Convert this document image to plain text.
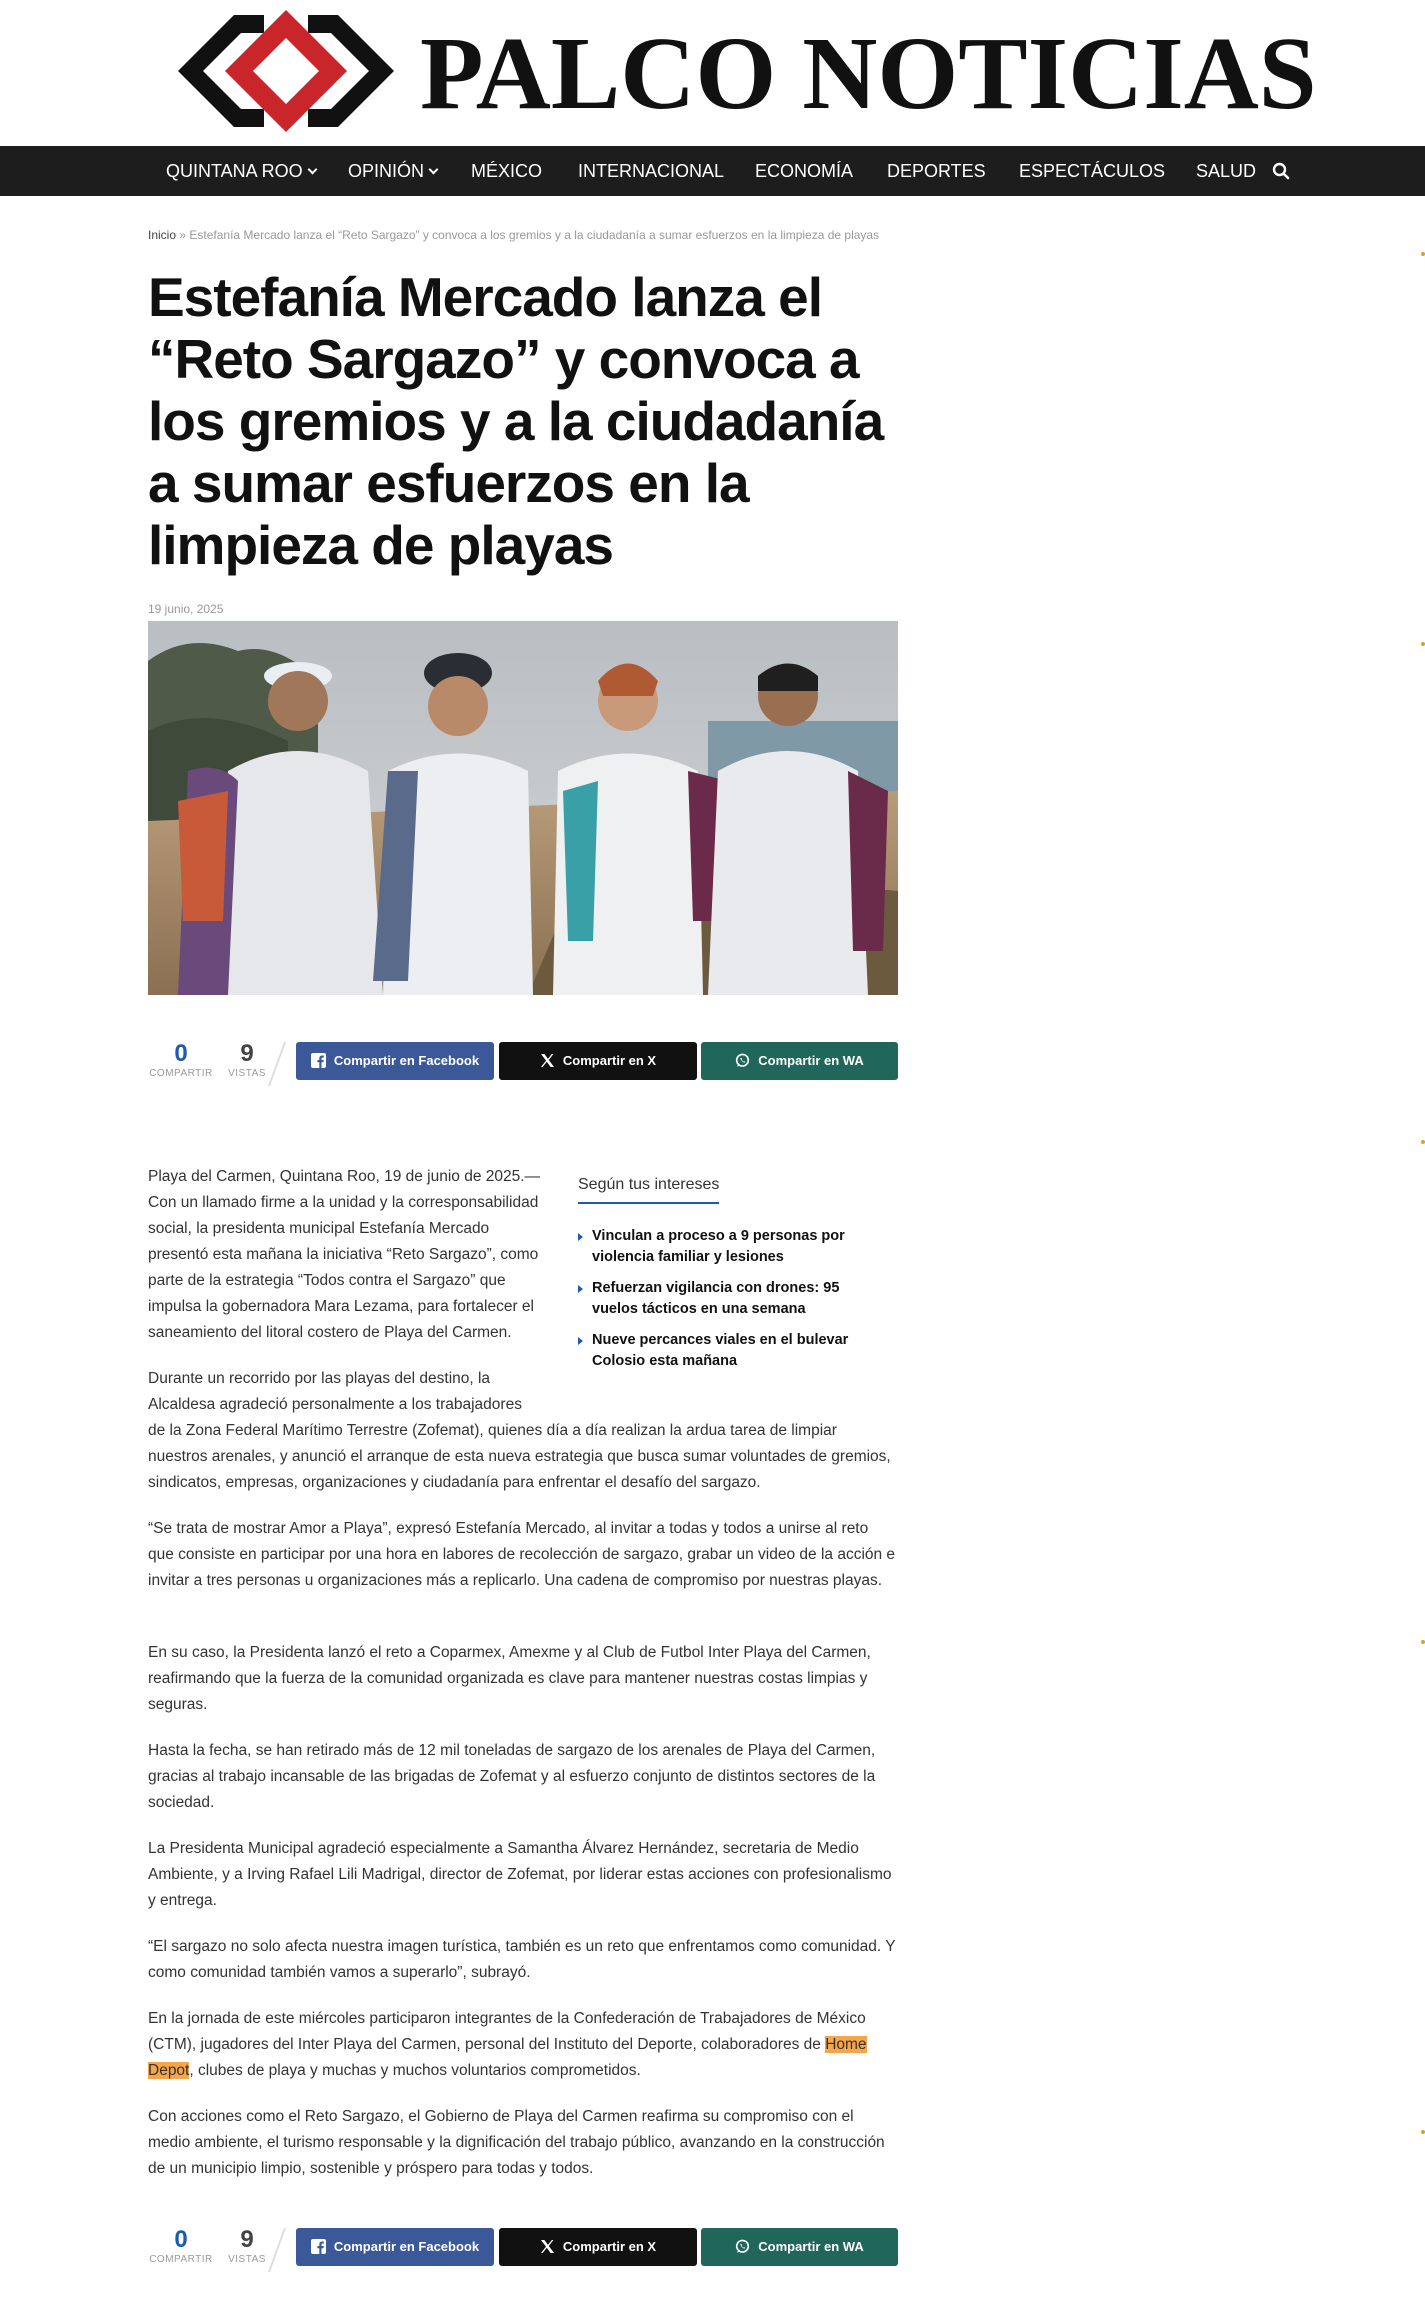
PALCO NOTICIAS
QUINTANA ROO	OPINIÓN	MÉXICO INTERNACIONAL ECONOMÍA DEPORTES ESPECTÁCULOS SALUD
Inicio » Estefanía Mercado lanza el “Reto Sargazo” y convoca a los gremios y a la ciudadanía a sumar esfuerzos en la limpieza de playas
Estefanía Mercado lanza el “Reto Sargazo” y convoca a los gremios y a la ciudadanía a sumar esfuerzos en la limpieza de playas
19 junio, 2025
0
COMPARTIR
9
VISTAS
Compartir en Facebook	Compartir en X	Compartir en WA
Según tus intereses
Vinculan a proceso a 9 personas por violencia familiar y lesiones
Refuerzan vigilancia con drones: 95 vuelos tácticos en una semana
Nueve percances viales en el bulevar Colosio esta mañana

Playa del Carmen, Quintana Roo, 19 de junio de 2025.— Con un llamado firme a la unidad y la corresponsabilidad social, la presidenta municipal Estefanía Mercado presentó esta mañana la iniciativa “Reto Sargazo”, como parte de la estrategia “Todos contra el Sargazo” que impulsa la gobernadora Mara Lezama, para fortalecer el saneamiento del litoral costero de Playa del Carmen.

Durante un recorrido por las playas del destino, la Alcaldesa agradeció personalmente a los trabajadores
de la Zona Federal Marítimo Terrestre (Zofemat), quienes día a día realizan la ardua tarea de limpiar nuestros arenales, y anunció el arranque de esta nueva estrategia que busca sumar voluntades de gremios, sindicatos, empresas, organizaciones y ciudadanía para enfrentar el desafío del sargazo.

“Se trata de mostrar Amor a Playa”, expresó Estefanía Mercado, al invitar a todas y todos a unirse al reto que consiste en participar por una hora en labores de recolección de sargazo, grabar un video de la acción e invitar a tres personas u organizaciones más a replicarlo. Una cadena de compromiso por nuestras playas.

En su caso, la Presidenta lanzó el reto a Coparmex, Amexme y al Club de Futbol Inter Playa del Carmen, reafirmando que la fuerza de la comunidad organizada es clave para mantener nuestras costas limpias y seguras.

Hasta la fecha, se han retirado más de 12 mil toneladas de sargazo de los arenales de Playa del Carmen, gracias al trabajo incansable de las brigadas de Zofemat y al esfuerzo conjunto de distintos sectores de la sociedad.

La Presidenta Municipal agradeció especialmente a Samantha Álvarez Hernández, secretaria de Medio Ambiente, y a Irving Rafael Lili Madrigal, director de Zofemat, por liderar estas acciones con profesionalismo y entrega.

“El sargazo no solo afecta nuestra imagen turística, también es un reto que enfrentamos como comunidad. Y como comunidad también vamos a superarlo”, subrayó.

En la jornada de este miércoles participaron integrantes de la Confederación de Trabajadores de México (CTM), jugadores del Inter Playa del Carmen, personal del Instituto del Deporte, colaboradores de Home Depot, clubes de playa y muchas y muchos voluntarios comprometidos.

Con acciones como el Reto Sargazo, el Gobierno de Playa del Carmen reafirma su compromiso con el medio ambiente, el turismo responsable y la dignificación del trabajo público, avanzando en la construcción de un municipio limpio, sostenible y próspero para todas y todos.

0
COMPARTIR
9
VISTAS
Compartir en Facebook	Compartir en X	Compartir en WA
